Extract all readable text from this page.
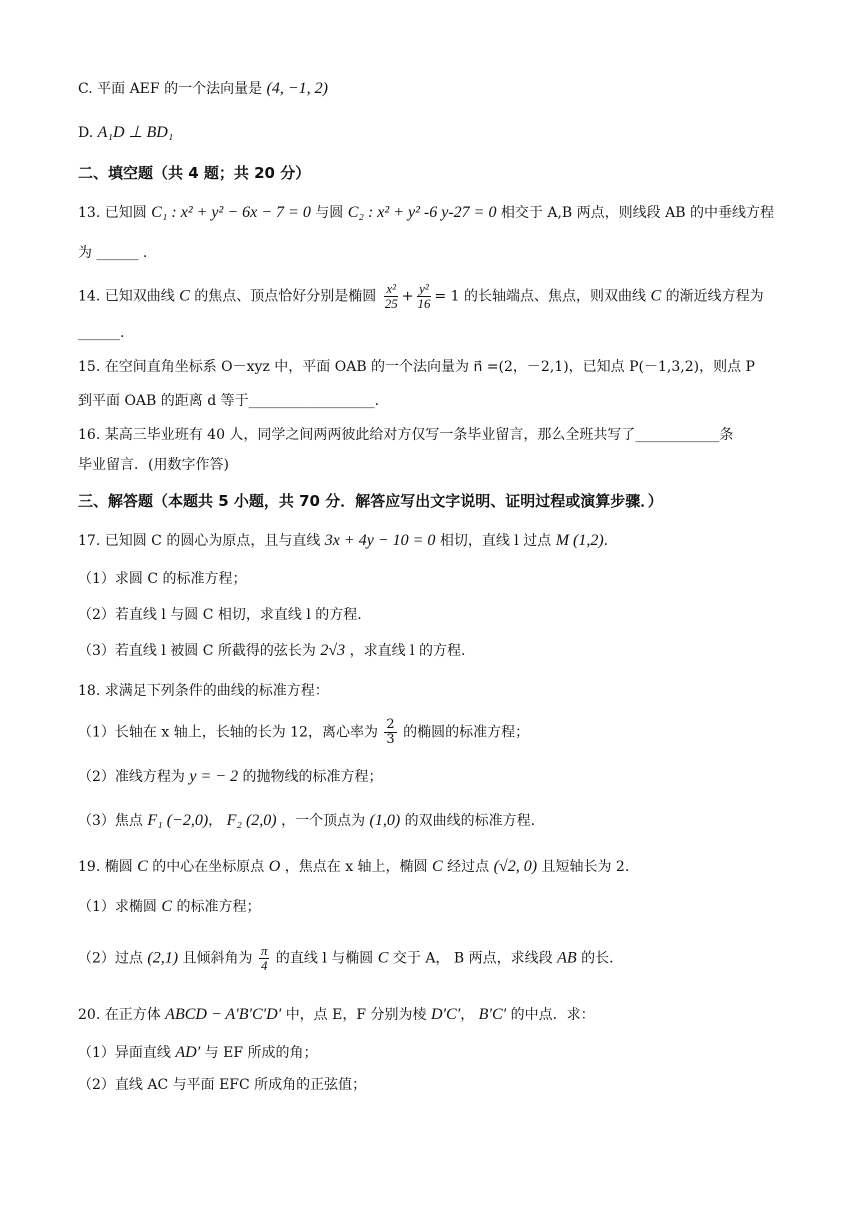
C. 平面 AEF 的一个法向量是 (4, −1, 2)
D. A₁D ⊥ BD₁
二、填空题（共 4 题；共 20 分）
13. 已知圆 C₁ : x² + y² − 6x − 7 = 0 与圆 C₂ : x² + y² -6 y-27 = 0 相交于 A,B 两点，则线段 AB 的中垂线方程
为 ______ .
14. 已知双曲线 C 的焦点、顶点恰好分别是椭圆 $\frac{\text{x²}}{25} + \frac{\text{y²}}{16} = 1$ 的长轴端点、焦点，则双曲线 C 的渐近线方程为
______.
15. 在空间直角坐标系 O－xyz 中，平面 OAB 的一个法向量为 n⃗ =(2，－2,1)，已知点 P(－1,3,2)，则点 P
到平面 OAB 的距离 d 等于__________________.
16. 某高三毕业班有 40 人，同学之间两两彼此给对方仅写一条毕业留言，那么全班共写了____________条
毕业留言．(用数字作答)
三、解答题（本题共 5 小题，共 70 分．解答应写出文字说明、证明过程或演算步骤．）
17. 已知圆 C 的圆心为原点，且与直线 3x + 4y − 10 = 0 相切，直线 l 过点 M (1,2).
（1）求圆 C 的标准方程；
（2）若直线 l 与圆 C 相切，求直线 l 的方程.
（3）若直线 l 被圆 C 所截得的弦长为 2√3 ，求直线 l 的方程.
18. 求满足下列条件的曲线的标准方程：
（1）长轴在 x 轴上，长轴的长为 12，离心率为 $\frac{2}{3}$ 的椭圆的标准方程；
（2）准线方程为 y = − 2 的抛物线的标准方程；
（3）焦点 F₁ (−2,0)， F₂ (2,0) ，一个顶点为 (1,0) 的双曲线的标准方程.
19. 椭圆 C 的中心在坐标原点 O ，焦点在 x 轴上，椭圆 C 经过点 (√2, 0) 且短轴长为 2.
（1）求椭圆 C 的标准方程；
（2）过点 (2,1) 且倾斜角为 $\frac{\pi}{4}$ 的直线 l 与椭圆 C 交于 A， B 两点，求线段 AB 的长.
20. 在正方体 ABCD − A′B′C′D′ 中，点 E，F 分别为棱 D′C′， B′C′ 的中点．求：
（1）异面直线 AD′ 与 EF 所成的角；
（2）直线 AC 与平面 EFC 所成角的正弦值；
